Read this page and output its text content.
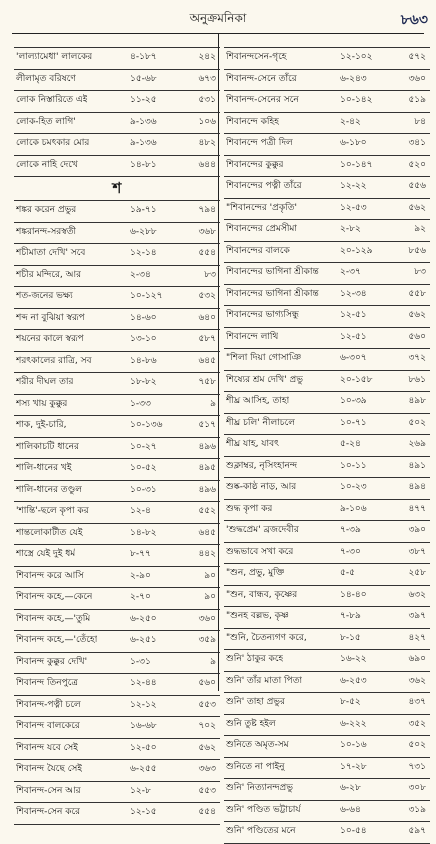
অনুক্রমনিকা	৮৬৩
'লাল্যামেধা' লালকের	৪-১৮৭	২৪২
লীলামৃত বরিষণে	১৫-৬৮	৬৭৩
লোক নিস্তারিতে এই	১১-২৫	৫৩১
লোক-হিত লাগি'	৯-১৩৬	১০৬
লোকে চমৎকার মোর	৯-১৩৬	৪৮২
লোকে নাহি দেখে	১৪-৮১	৬৪৪
শ
শঙ্কর করেন প্রভুর	১৯-৭১	৭৯৪
শঙ্করানন্দ-সরস্বতী	৬-২৮৮	৩৬৮
শচীমাতা দেখি' সবে	১২-১৪	৫৫৪
শচীর মন্দিরে, আর	২-৩৪	৮৩
শত-জনের ভক্ষ্য	১০-১২৭	৫৩২
শব্দ না বুঝিয়া স্বরূপ	১৪-৬০	৬৪০
শয়নের কালে স্বরূপ	১৩-১০	৫৮৭
শরৎকালের রাত্রি, সব	১৪-৮৬	৬৪৫
শরীর দীঘল তার	১৮-৮২	৭৫৮
শস্য খায় কুক্কুর	১-৩৩	৯
শাক, দুই-চারি,	১০-১৩৬	৫১৭
শালিকাচটি ধানের	১০-২৭	৪৯৬
শালি-ধানের খই	১০-৫২	৪৯৫
শালি-ধানের তণ্ডুল	১০-৩১	৪৯৬
'শান্তি'-ছলে কৃপা কর	১২-৪	৫৫২
শান্তলোকাটীত যেই	১৪-৮২	৬৪৫
শাস্ত্রে যেই দুই ধর্ম	৮-৭৭	৪৪২
শিবানন্দ করে আসি	২-৯০	৯০
শিবানন্দ কহে,—কেনে	২-৭০	৯০
শিবানন্দ কহে,—'তুমি	৬-২৫০	৩৬০
শিবানন্দ কহে,—'তেঁহো	৬-২৫১	৩৫৯
শিবানন্দ কুক্কুর দেখি'	১-৩১	৯
শিবানন্দ তিনপুত্রে	১২-৪৪	৫৬০
শিবানন্দ-পত্নী চলে	১২-১২	৫৫৩
শিবানন্দ বালকেরে	১৬-৬৮	৭০২
শিবানন্দ যবে সেই	১২-৫০	৫৬২
শিবানন্দ যৈছে সেই	৬-২৫৫	৩৬৩
শিবানন্দ-সেন আর	১২-৮	৫৫৩
শিবানন্দ-সেন করে	১২-১৫	৫৫৪
শিবানন্দসেন-গৃহে	১২-১০২	৫৭২
শিবানন্দ-সেনে তাঁরে	৬-২৪৩	৩৬০
শিবানন্দ-সেনের সনে	১০-১৪২	৫১৯
শিবানন্দে কহিহ	২-৪২	৮৪
শিবানন্দে পত্রী দিল	৬-১৮০	৩৪১
শিবানন্দের কুক্কুর	১০-১৪৭	৫২০
শিবানন্দের পত্নী তাঁরে	১২-২২	৫৫৬
"শিবানন্দের 'প্রকৃতি'	১২-৫৩	৫৬২
শিবানন্দের প্রেমসীমা	২-৮২	৯২
শিবানন্দের বালকে	২০-১২৯	৮৫৬
শিবানন্দের ভাগিনা শ্রীকান্ত ২-৩৭	৮৩
শিবানন্দের ভাগিনা শ্রীকান্ত ১২-৩৪	৫৫৮
শিবানন্দের ভাগ্যসিন্ধু	১২-৫১	৫৬২
শিবানন্দে লাথি	১২-৫১	৫৬০
"শিলা দিয়া গোসাঞি	৬-৩০৭	৩৭২
শিষ্যের শ্রম দেখি' প্রভু	২০-১৫৮	৮৬১
শীঘ্র আসিহ, তাহা	১০-৩৯	৪৯৮
শীঘ্র চলি' নীলাচলে	১০-৭১	৫০২
শীঘ্র যাহ, যাবৎ	৫-২৪	২৬৯
শুক্লাম্বর, নৃসিংহানন্দ	১০-১১	৪৯১
শুষ্ক-কাষ্ঠ নাড়, আর	১০-২৩	৪৯৪
শুদ্ধ কৃপা কর	৯-১০৬	৪৭৭
'শুদ্ধপ্রেম' ব্রজদেবীর	৭-৩৯	৩৯০
শুদ্ধভাবে সখা করে	৭-৩০	৩৮৭
"শুন, প্রভু, মুক্তি	৫-৫	২৫৮
"শুন, বান্ধব, কৃষ্ণের	১৪-৪০	৬৩২
"শুনহ বল্লভ, কৃষ্ণ	৭-৮৯	৩৯৭
"শুনি, চৈতন্যগণ করে,	৮-১৫	৪২৭
শুনি' ঠাকুর কহে	১৬-২২	৬৯০
শুনি' তাঁর মাতা পিতা	৬-২৫৩	৩৬২
শুনি' তাহা প্রভুর	৮-৫২	৪৩৭
শুনি তুষ্ট হইল	৬-২২২	৩৫২
শুনিতে অমৃত-সম	১০-১৬	৫০২
শুনিতে না পাইনু	১৭-২৮	৭৩১
শুনি' নিত্যানন্দপ্রভু	৬-২৮	৩০৮
শুনি' পণ্ডিত ভট্টাচার্য	৬-৬৪	৩১৯
শুনি' পণ্ডিতের মনে	১০-৫৪	৫৯৭
